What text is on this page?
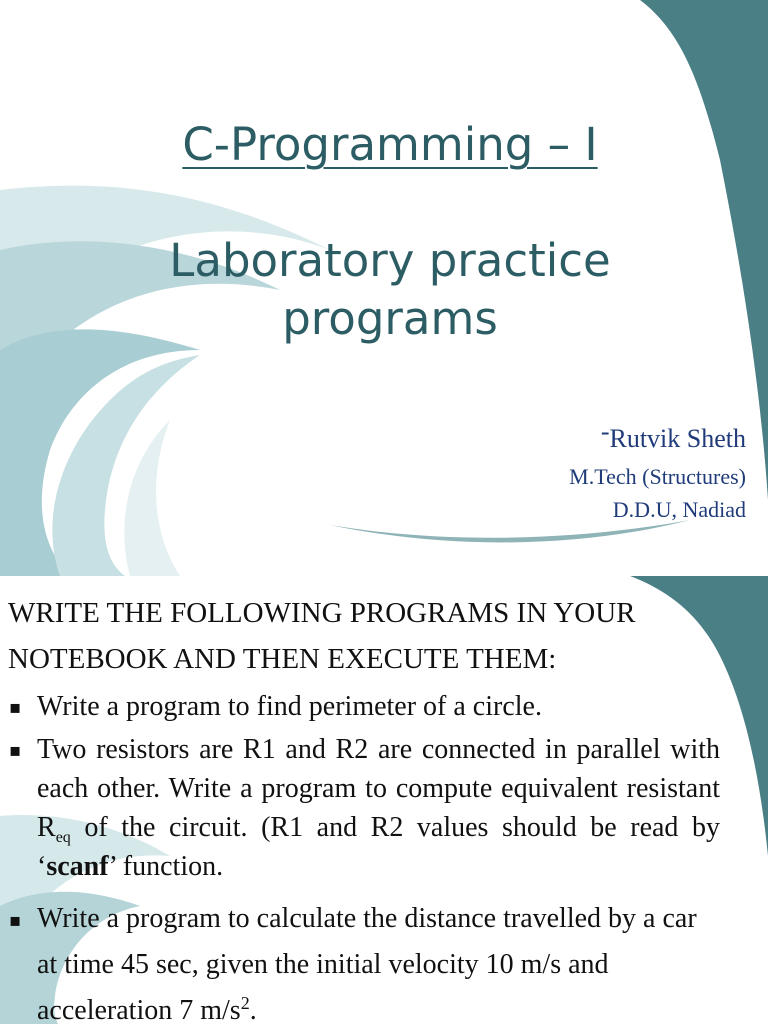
C-Programming – I
Laboratory practice
programs
-Rutvik Sheth
M.Tech (Structures)
D.D.U, Nadiad
WRITE THE FOLLOWING PROGRAMS IN YOUR
NOTEBOOK AND THEN EXECUTE THEM:
▪ Write a program to find perimeter of a circle.
▪ Two resistors are R1 and R2 are connected in parallel with each other. Write a program to compute equivalent resistant $R_{eq}$ of the circuit. (R1 and R2 values should be read by ‘scanf’ function.
▪ Write a program to calculate the distance travelled by a car at time 45 sec, given the initial velocity 10 m/s and acceleration 7 $m/s^2$.
